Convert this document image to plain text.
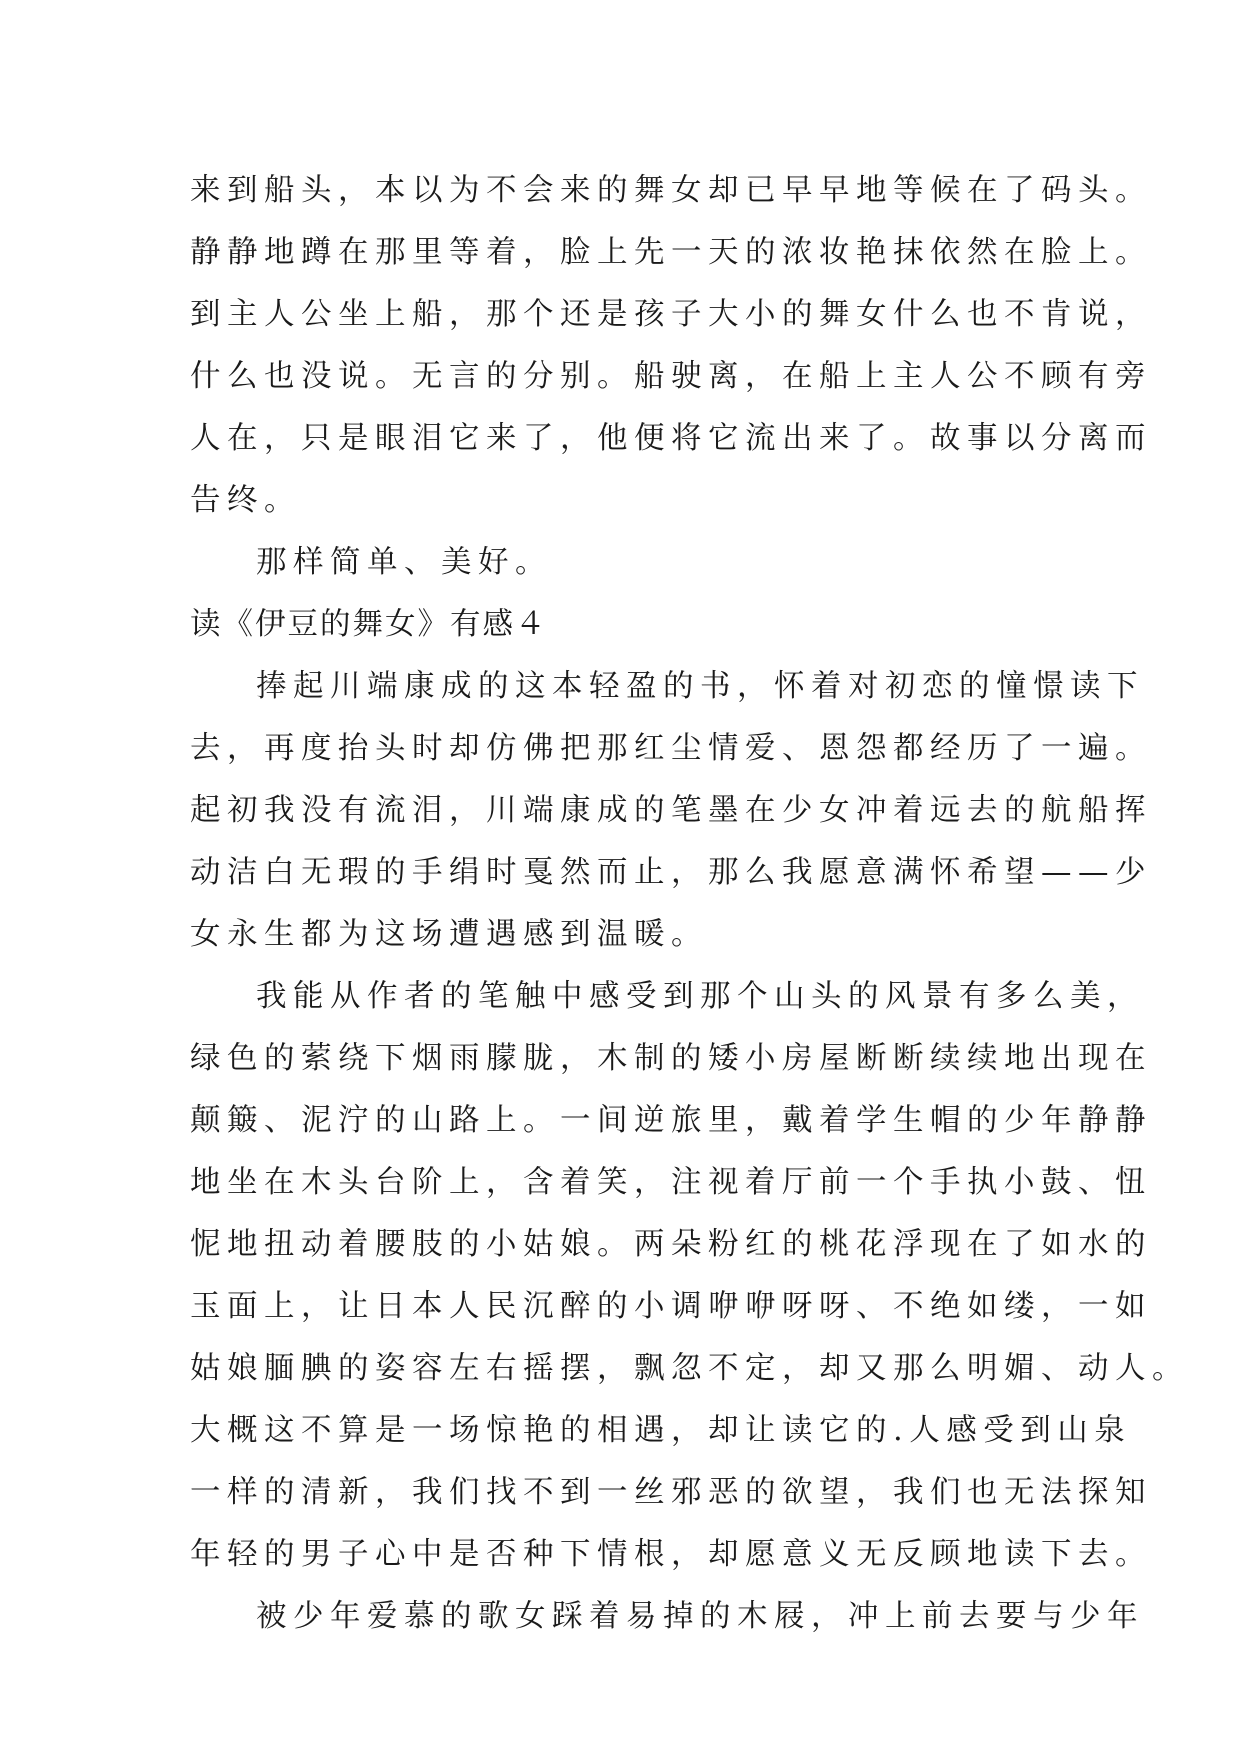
来到船头，本以为不会来的舞女却已早早地等候在了码头。
静静地蹲在那里等着，脸上先一天的浓妆艳抹依然在脸上。
到主人公坐上船，那个还是孩子大小的舞女什么也不肯说，
什么也没说。无言的分别。船驶离，在船上主人公不顾有旁
人在，只是眼泪它来了，他便将它流出来了。故事以分离而
告终。
那样简单、美好。
读《伊豆的舞女》有感４
捧起川端康成的这本轻盈的书，怀着对初恋的憧憬读下
去，再度抬头时却仿佛把那红尘情爱、恩怨都经历了一遍。
起初我没有流泪，川端康成的笔墨在少女冲着远去的航船挥
动洁白无瑕的手绢时戛然而止，那么我愿意满怀希望——少
女永生都为这场遭遇感到温暖。
我能从作者的笔触中感受到那个山头的风景有多么美，
绿色的萦绕下烟雨朦胧，木制的矮小房屋断断续续地出现在
颠簸、泥泞的山路上。一间逆旅里，戴着学生帽的少年静静
地坐在木头台阶上，含着笑，注视着厅前一个手执小鼓、忸
怩地扭动着腰肢的小姑娘。两朵粉红的桃花浮现在了如水的
玉面上，让日本人民沉醉的小调咿咿呀呀、不绝如缕，一如
姑娘腼腆的姿容左右摇摆，飘忽不定，却又那么明媚、动人。
大概这不算是一场惊艳的相遇，却让读它的.人感受到山泉
一样的清新，我们找不到一丝邪恶的欲望，我们也无法探知
年轻的男子心中是否种下情根，却愿意义无反顾地读下去。
被少年爱慕的歌女踩着易掉的木屐，冲上前去要与少年
